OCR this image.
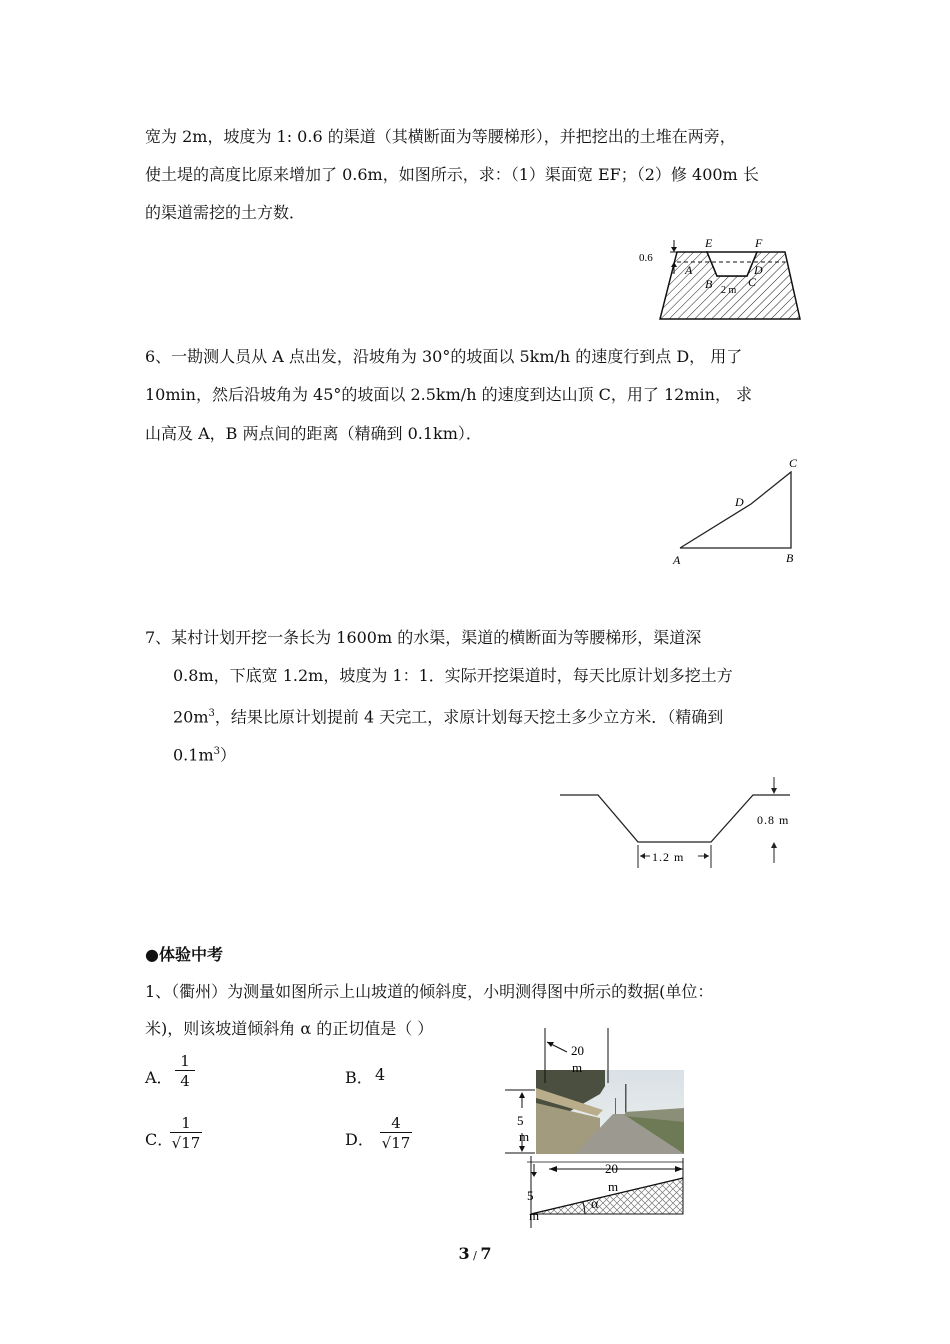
宽为 2m，坡度为 1: 0.6 的渠道（其横断面为等腰梯形），并把挖出的土堆在两旁，
使土堤的高度比原来增加了 0.6m，如图所示，求：（1）渠面宽 EF；（2）修 400m 长
的渠道需挖的土方数．
0.6
E	F
A	D
B	C
2 m
6、一勘测人员从 A 点出发，沿坡角为 30°的坡面以 5km/h 的速度行到点 D， 用了
10min，然后沿坡角为 45°的坡面以 2.5km/h 的速度到达山顶 C，用了 12min， 求
山高及 A，B 两点间的距离（精确到 0.1km）．
C
D
A	B
7、某村计划开挖一条长为 1600m 的水渠，渠道的横断面为等腰梯形，渠道深
0.8m，下底宽 1.2m，坡度为 1：1．实际开挖渠道时，每天比原计划多挖土方
$20m^3$，结果比原计划提前 4 天完工，求原计划每天挖土多少立方米．（精确到
$0.1m^3$）
1.2 m
0.8 m
●体验中考
1、（衢州）为测量如图所示上山坡道的倾斜度，小明测得图中所示的数据(单位：
米)，则该坡道倾斜角 α 的正切值是（ ）
A． $\frac{1}{4}$	B． 4
C．
$\frac{1}{√17}$	D． $\frac{4}{√17}$
20
m
5
m
20
m
α
5
m
3 / 7
